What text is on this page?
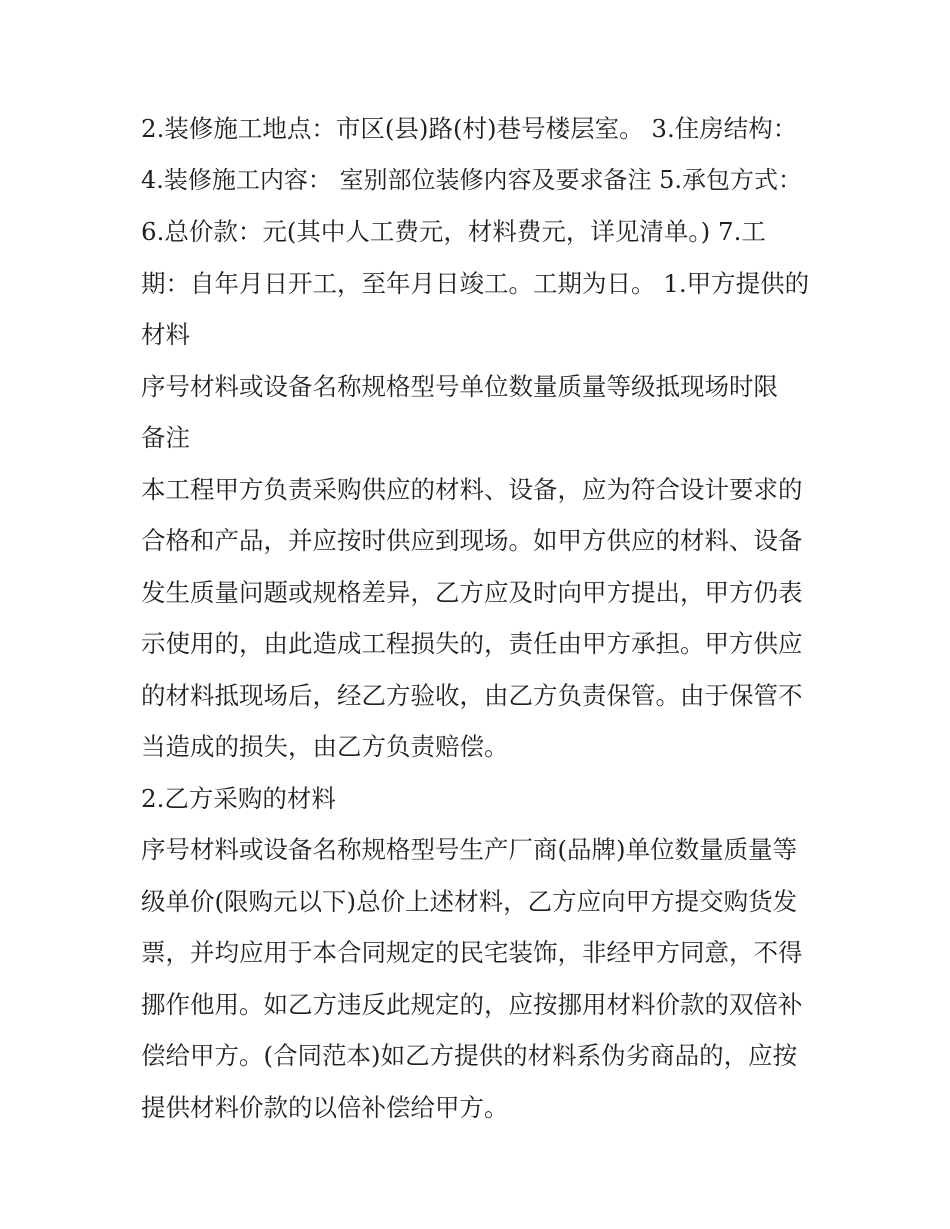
2.装修施工地点：市区(县)路(村)巷号楼层室。 3.住房结构：
4.装修施工内容： 室别部位装修内容及要求备注 5.承包方式：
6.总价款：元(其中人工费元，材料费元，详见清单。) 7.工
期：自年月日开工，至年月日竣工。工期为日。 1.甲方提供的
材料
序号材料或设备名称规格型号单位数量质量等级抵现场时限
备注
本工程甲方负责采购供应的材料、设备，应为符合设计要求的
合格和产品，并应按时供应到现场。如甲方供应的材料、设备
发生质量问题或规格差异，乙方应及时向甲方提出，甲方仍表
示使用的，由此造成工程损失的，责任由甲方承担。甲方供应
的材料抵现场后，经乙方验收，由乙方负责保管。由于保管不
当造成的损失，由乙方负责赔偿。
2.乙方采购的材料
序号材料或设备名称规格型号生产厂商(品牌)单位数量质量等
级单价(限购元以下)总价上述材料，乙方应向甲方提交购货发
票，并均应用于本合同规定的民宅装饰，非经甲方同意，不得
挪作他用。如乙方违反此规定的，应按挪用材料价款的双倍补
偿给甲方。(合同范本)如乙方提供的材料系伪劣商品的，应按
提供材料价款的以倍补偿给甲方。
